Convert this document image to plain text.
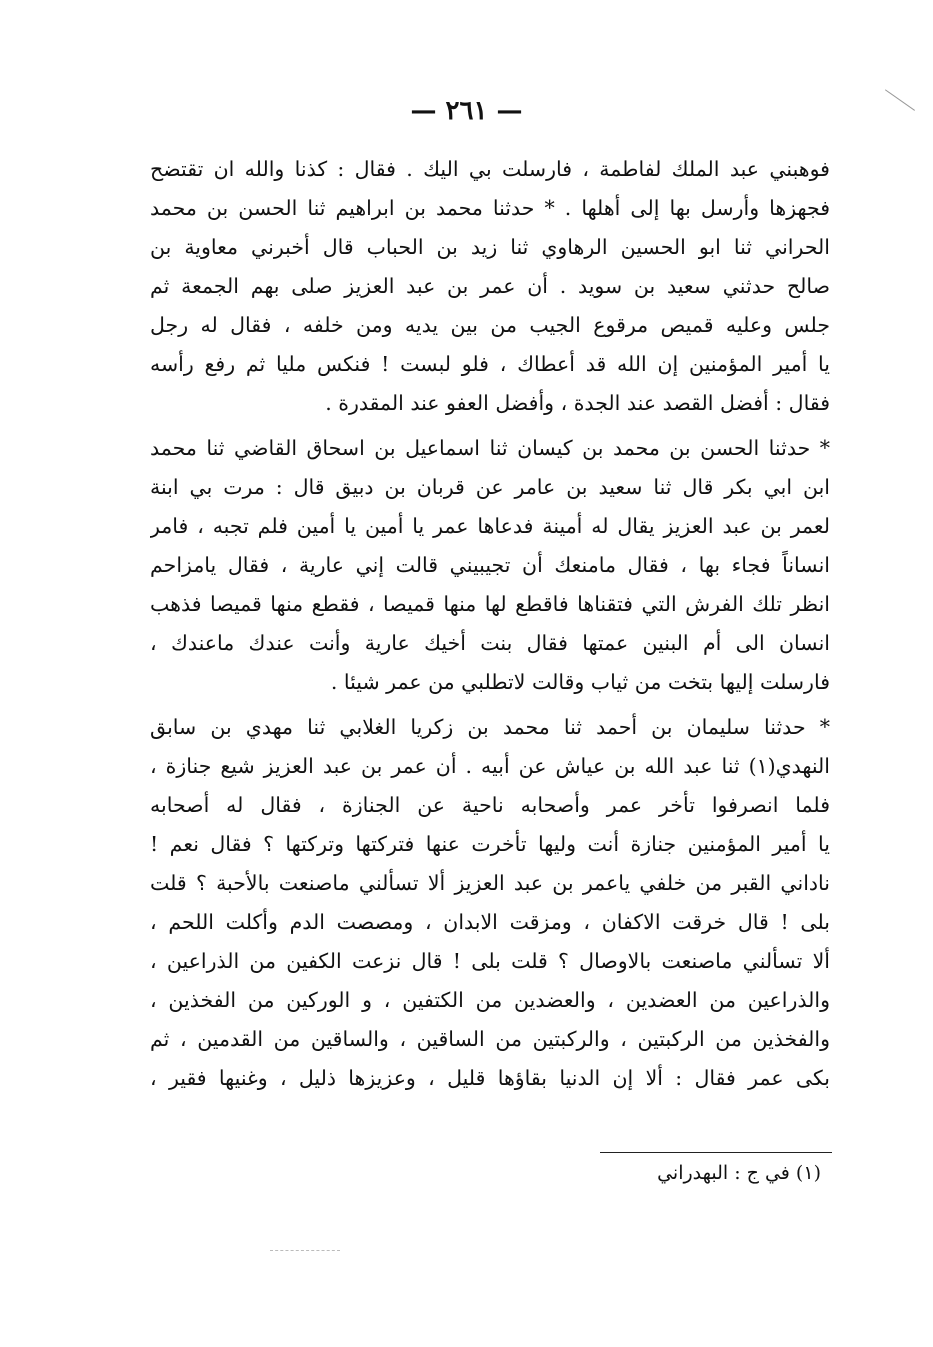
— ٢٦١ —
فوهبني عبد الملك لفاطمة ، فارسلت بي اليك . فقال : كذنا والله ان تقتضح
فجهزها وأرسل بها إلى أهلها . * حدثنا محمد بن ابراهيم ثنا الحسن بن محمد
الحراني ثنا ابو الحسين الرهاوي ثنا زيد بن الحباب قال أخبرني معاوية بن
صالح حدثني سعيد بن سويد . أن عمر بن عبد العزيز صلى بهم الجمعة ثم
جلس وعليه قميص مرقوع الجيب من بين يديه ومن خلفه ، فقال له رجل
يا أمير المؤمنين إن الله قد أعطاك ، فلو لبست ! فنكس مليا ثم رفع رأسه
فقال : أفضل القصد عند الجدة ، وأفضل العفو عند المقدرة .
* حدثنا الحسن بن محمد بن كيسان ثنا اسماعيل بن اسحاق القاضي ثنا محمد
ابن ابي بكر قال ثنا سعيد بن عامر عن قربان بن دبيق قال : مرت بي ابنة
لعمر بن عبد العزيز يقال له أمينة فدعاها عمر يا أمين يا أمين فلم تجبه ، فامر
انساناً فجاء بها ، فقال مامنعك أن تجيبيني قالت إني عارية ، فقال يامزاحم
انظر تلك الفرش التي فتقناها فاقطع لها منها قميصا ، فقطع منها قميصا فذهب
انسان الى أم البنين عمتها فقال بنت أخيك عارية وأنت عندك ماعندك ،
فارسلت إليها بتخت من ثياب وقالت لاتطلبي من عمر شيئا .
* حدثنا سليمان بن أحمد ثنا محمد بن زكريا الغلابي ثنا مهدي بن سابق
النهدي(١) ثنا عبد الله بن عياش عن أبيه . أن عمر بن عبد العزيز شيع جنازة ،
فلما انصرفوا تأخر عمر وأصحابه ناحية عن الجنازة ، فقال له أصحابه
يا أمير المؤمنين جنازة أنت وليها تأخرت عنها فتركتها وتركتها ؟ فقال نعم !
ناداني القبر من خلفي ياعمر بن عبد العزيز ألا تسألني ماصنعت بالأحبة ؟ قلت
بلى ! قال خرقت الاكفان ، ومزقت الابدان ، ومصصت الدم وأكلت اللحم ،
ألا تسألني ماصنعت بالاوصال ؟ قلت بلى ! قال نزعت الكفين من الذراعين ،
والذراعين من العضدين ، والعضدين من الكتفين ، و الوركين من الفخذين ،
والفخذين من الركبتين ، والركبتين من الساقين ، والساقين من القدمين ، ثم
بكى عمر فقال : ألا إن الدنيا بقاؤها قليل ، وعزيزها ذليل ، وغنيها فقير ،
(١) في ج : البهدراني
